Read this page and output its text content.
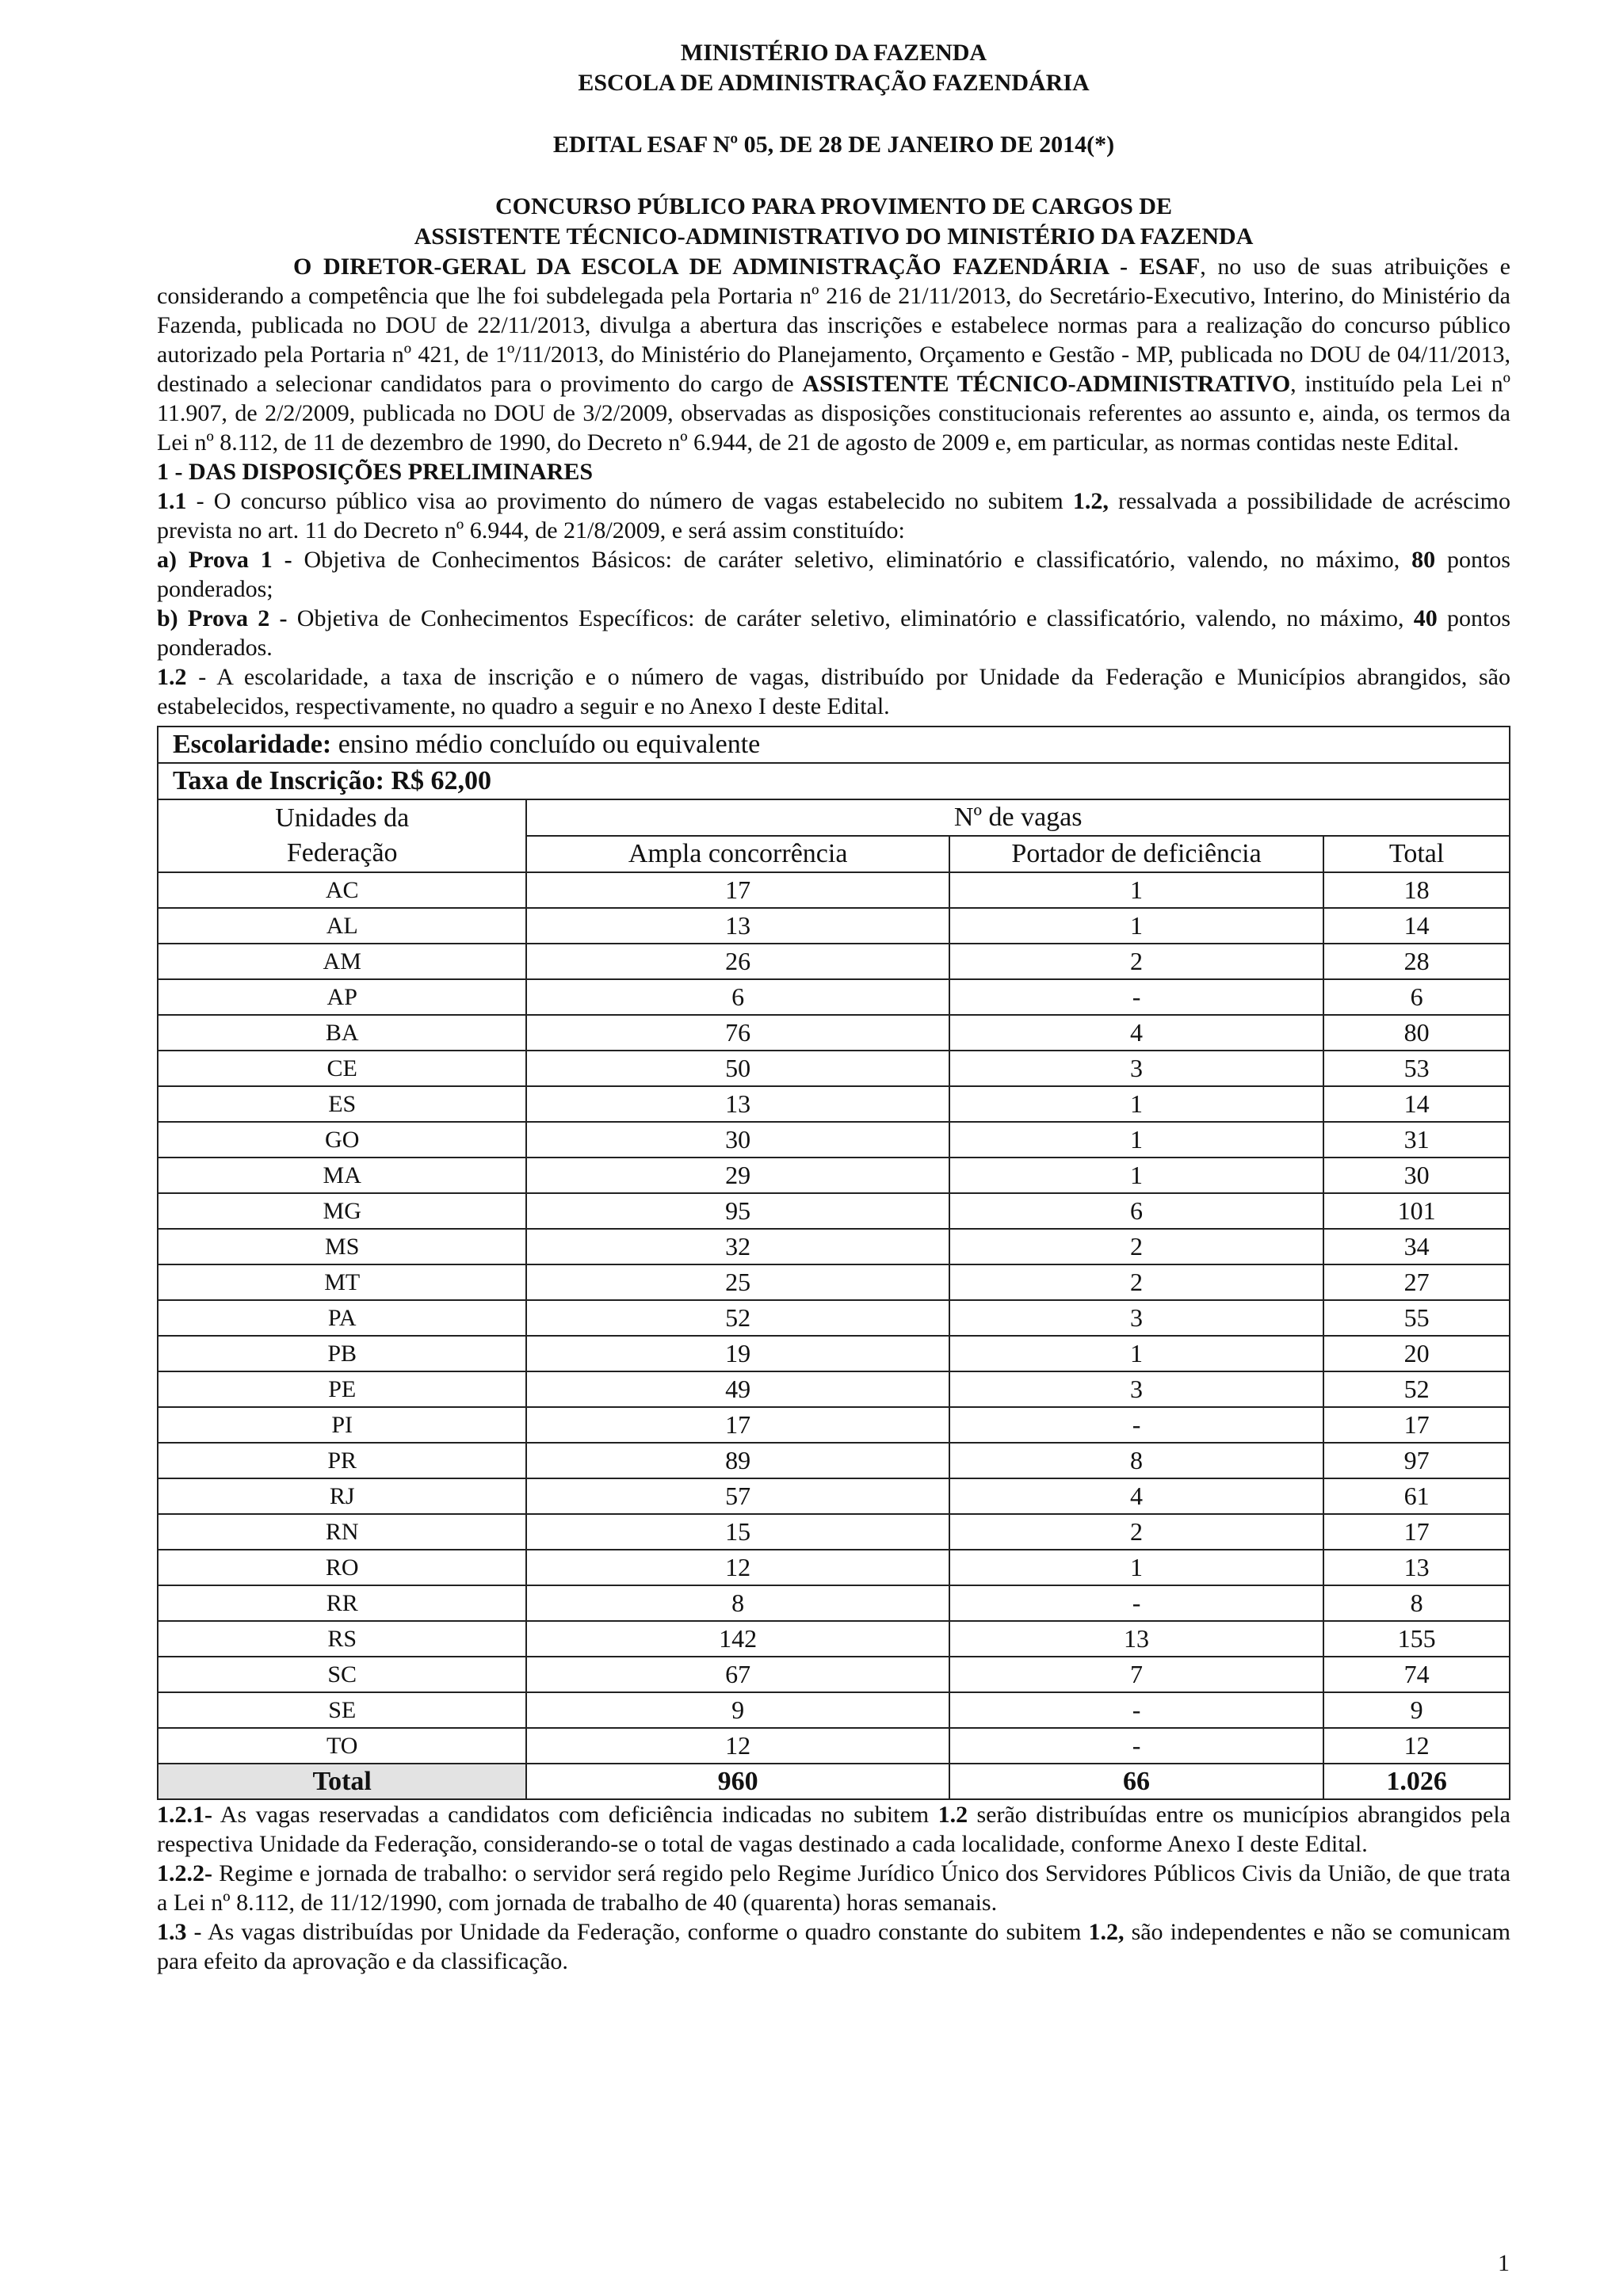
MINISTÉRIO DA FAZENDA
ESCOLA DE ADMINISTRAÇÃO FAZENDÁRIA
EDITAL ESAF Nº 05, DE 28 DE JANEIRO DE 2014(*)
CONCURSO PÚBLICO PARA PROVIMENTO DE CARGOS DE
ASSISTENTE TÉCNICO-ADMINISTRATIVO DO MINISTÉRIO DA FAZENDA

O DIRETOR-GERAL DA ESCOLA DE ADMINISTRAÇÃO FAZENDÁRIA - ESAF, no uso de suas atribuições e considerando a competência que lhe foi subdelegada pela Portaria nº 216 de 21/11/2013, do Secretário-Executivo, Interino, do Ministério da Fazenda, publicada no DOU de 22/11/2013, divulga a abertura das inscrições e estabelece normas para a realização do concurso público autorizado pela Portaria nº 421, de 1º/11/2013, do Ministério do Planejamento, Orçamento e Gestão - MP, publicada no DOU de 04/11/2013, destinado a selecionar candidatos para o provimento do cargo de ASSISTENTE TÉCNICO-ADMINISTRATIVO, instituído pela Lei nº 11.907, de 2/2/2009, publicada no DOU de 3/2/2009, observadas as disposições constitucionais referentes ao assunto e, ainda, os termos da Lei nº 8.112, de 11 de dezembro de 1990, do Decreto nº 6.944, de 21 de agosto de 2009 e, em particular, as normas contidas neste Edital.

1 - DAS DISPOSIÇÕES PRELIMINARES

1.1 - O concurso público visa ao provimento do número de vagas estabelecido no subitem 1.2, ressalvada a possibilidade de acréscimo prevista no art. 11 do Decreto nº 6.944, de 21/8/2009, e será assim constituído:

a) Prova 1 - Objetiva de Conhecimentos Básicos: de caráter seletivo, eliminatório e classificatório, valendo, no máximo, 80 pontos ponderados;

b) Prova 2 - Objetiva de Conhecimentos Específicos: de caráter seletivo, eliminatório e classificatório, valendo, no máximo, 40 pontos ponderados.

1.2 - A escolaridade, a taxa de inscrição e o número de vagas, distribuído por Unidade da Federação e Municípios abrangidos, são estabelecidos, respectivamente, no quadro a seguir e no Anexo I deste Edital.

Escolaridade: ensino médio concluído ou equivalente			
Taxa de Inscrição: R$ 62,00			
Unidades da
Federação	Nº de vagas		
	Ampla concorrência	Portador de deficiência	Total
AC	17	1	18
AL	13	1	14
AM	26	2	28
AP	6	-	6
BA	76	4	80
CE	50	3	53
ES	13	1	14
GO	30	1	31
MA	29	1	30
MG	95	6	101
MS	32	2	34
MT	25	2	27
PA	52	3	55
PB	19	1	20
PE	49	3	52
PI	17	-	17
PR	89	8	97
RJ	57	4	61
RN	15	2	17
RO	12	1	13
RR	8	-	8
RS	142	13	155
SC	67	7	74
SE	9	-	9
TO	12	-	12
Total	960	66	1.026

1.2.1- As vagas reservadas a candidatos com deficiência indicadas no subitem 1.2 serão distribuídas entre os municípios abrangidos pela respectiva Unidade da Federação, considerando-se o total de vagas destinado a cada localidade, conforme Anexo I deste Edital.

1.2.2- Regime e jornada de trabalho: o servidor será regido pelo Regime Jurídico Único dos Servidores Públicos Civis da União, de que trata a Lei nº 8.112, de 11/12/1990, com jornada de trabalho de 40 (quarenta) horas semanais.

1.3 - As vagas distribuídas por Unidade da Federação, conforme o quadro constante do subitem 1.2, são independentes e não se comunicam para efeito da aprovação e da classificação.

1
